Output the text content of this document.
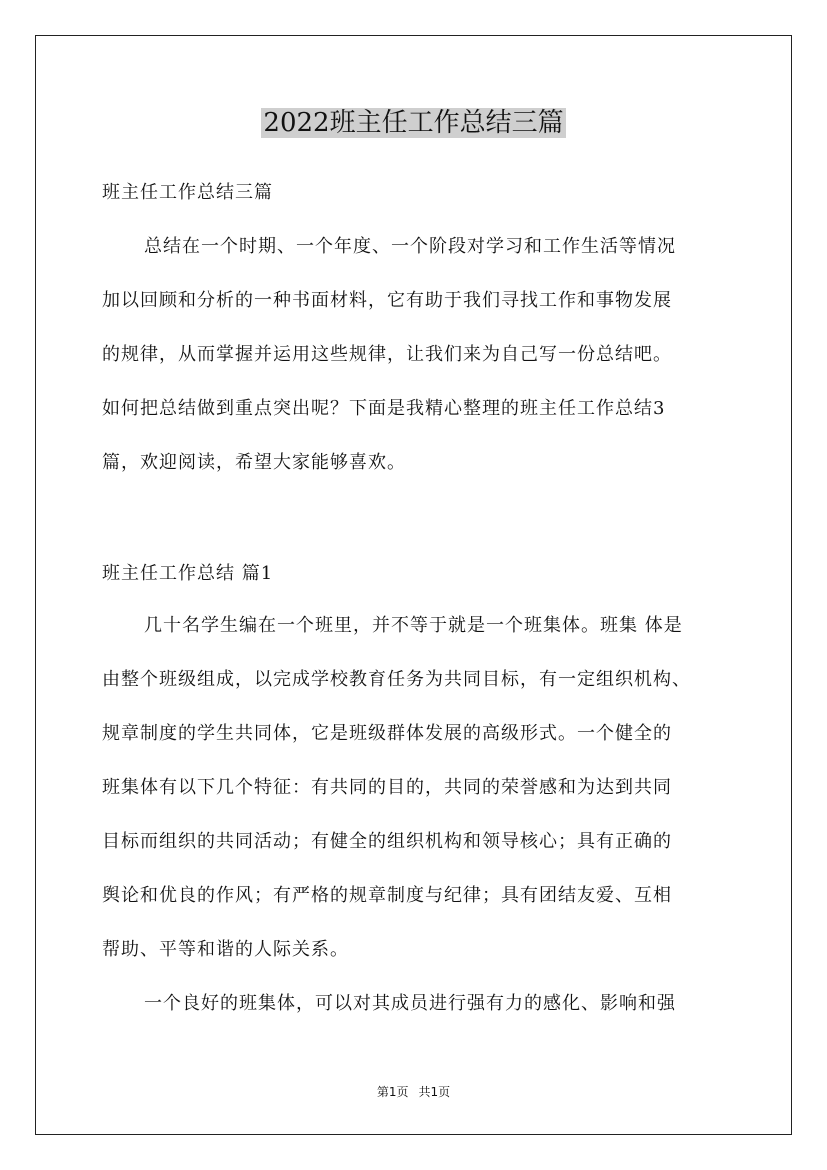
2022班主任工作总结三篇
班主任工作总结三篇
总结在一个时期、一个年度、一个阶段对学习和工作生活等情况
加以回顾和分析的一种书面材料，它有助于我们寻找工作和事物发展
的规律，从而掌握并运用这些规律，让我们来为自己写一份总结吧。
如何把总结做到重点突出呢？下面是我精心整理的班主任工作总结3
篇，欢迎阅读，希望大家能够喜欢。
班主任工作总结 篇1
几十名学生编在一个班里，并不等于就是一个班集体。班集 体是
由整个班级组成，以完成学校教育任务为共同目标，有一定组织机构、
规章制度的学生共同体，它是班级群体发展的高级形式。一个健全的
班集体有以下几个特征：有共同的目的，共同的荣誉感和为达到共同
目标而组织的共同活动；有健全的组织机构和领导核心；具有正确的
舆论和优良的作风；有严格的规章制度与纪律；具有团结友爱、互相
帮助、平等和谐的人际关系。
一个良好的班集体，可以对其成员进行强有力的感化、影响和强
第1页 共1页
